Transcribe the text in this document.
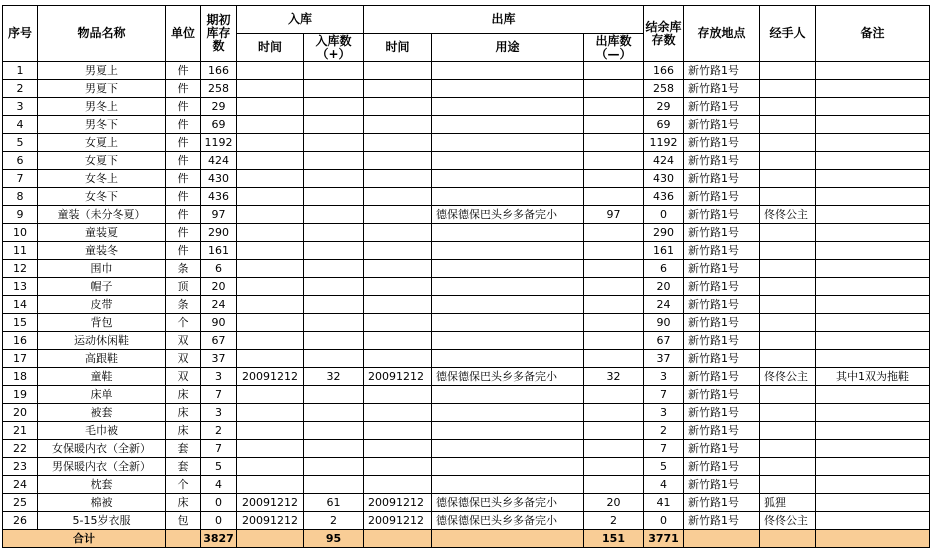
序号	物品名称	单位	期初库存数	入库		出库			结余库存数	存放地点	经手人	备注
				时间	入库数（+）	时间	用途	出库数（—）				
1	男夏上	件	166						166	新竹路1号		
2	男夏下	件	258						258	新竹路1号		
3	男冬上	件	29						29	新竹路1号		
4	男冬下	件	69						69	新竹路1号		
5	女夏上	件	1192						1192	新竹路1号		
6	女夏下	件	424						424	新竹路1号		
7	女冬上	件	430						430	新竹路1号		
8	女冬下	件	436						436	新竹路1号		
9	童装（未分冬夏）	件	97				德保德保巴头乡多备完小	97	0	新竹路1号	佟佟公主	
10	童装夏	件	290						290	新竹路1号		
11	童装冬	件	161						161	新竹路1号		
12	围巾	条	6						6	新竹路1号		
13	帽子	顶	20						20	新竹路1号		
14	皮带	条	24						24	新竹路1号		
15	背包	个	90						90	新竹路1号		
16	运动休闲鞋	双	67						67	新竹路1号		
17	高跟鞋	双	37						37	新竹路1号		
18	童鞋	双	3	20091212	32	20091212	德保德保巴头乡多备完小	32	3	新竹路1号	佟佟公主	其中1双为拖鞋
19	床单	床	7						7	新竹路1号		
20	被套	床	3						3	新竹路1号		
21	毛巾被	床	2						2	新竹路1号		
22	女保暖内衣（全新）	套	7						7	新竹路1号		
23	男保暖内衣（全新）	套	5						5	新竹路1号		
24	枕套	个	4						4	新竹路1号		
25	棉被	床	0	20091212	61	20091212	德保德保巴头乡多备完小	20	41	新竹路1号	狐狸	
26	5-15岁衣服	包	0	20091212	2	20091212	德保德保巴头乡多备完小	2	0	新竹路1号	佟佟公主	
合计			3827		95			151	3771			
